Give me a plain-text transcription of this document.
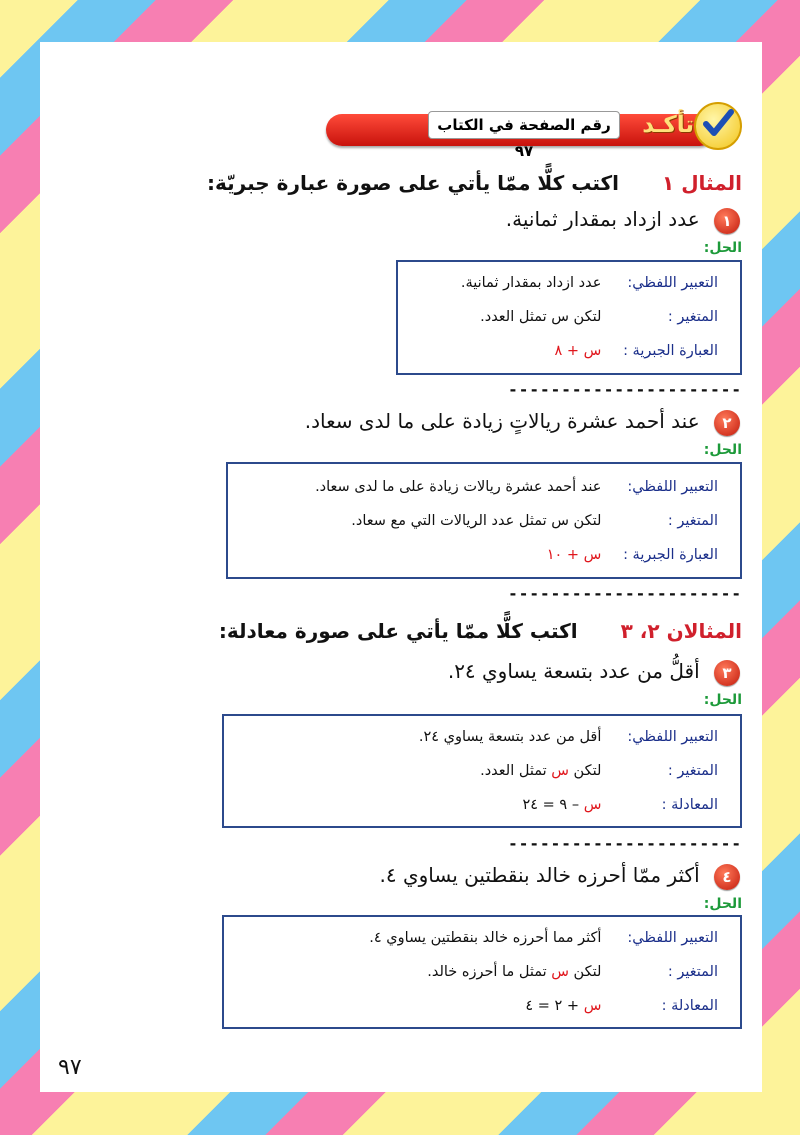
تأكـد
رقم الصفحة في الكتاب ٩٧
المثال ١ اكتب كلًّا ممّا يأتي على صورة عبارة جبريّة:
١ عدد ازداد بمقدار ثمانية.
الحل:
التعبير اللفظي: عدد ازداد بمقدار ثمانية.
المتغير : لتكن س تمثل العدد.
العبارة الجبرية : س + ٨
----------------------
٢ عند أحمد عشرة ريالاتٍ زيادة على ما لدى سعاد.
الحل:
التعبير اللفظي: عند أحمد عشرة ريالات زيادة على ما لدى سعاد.
المتغير : لتكن س تمثل عدد الريالات التي مع سعاد.
العبارة الجبرية : س + ١٠
----------------------
المثالان ٢، ٣ اكتب كلًّا ممّا يأتي على صورة معادلة:
٣ أقلُّ من عدد بتسعة يساوي ٢٤.
الحل:
التعبير اللفظي: أقل من عدد بتسعة يساوي ٢٤.
المتغير : لتكن س تمثل العدد.
المعادلة : س – ٩ = ٢٤
----------------------
٤ أكثر ممّا أحرزه خالد بنقطتين يساوي ٤.
الحل:
التعبير اللفظي: أكثر مما أحرزه خالد بنقطتين يساوي ٤.
المتغير : لتكن س تمثل ما أحرزه خالد.
المعادلة : س + ٢ = ٤
٩٧
